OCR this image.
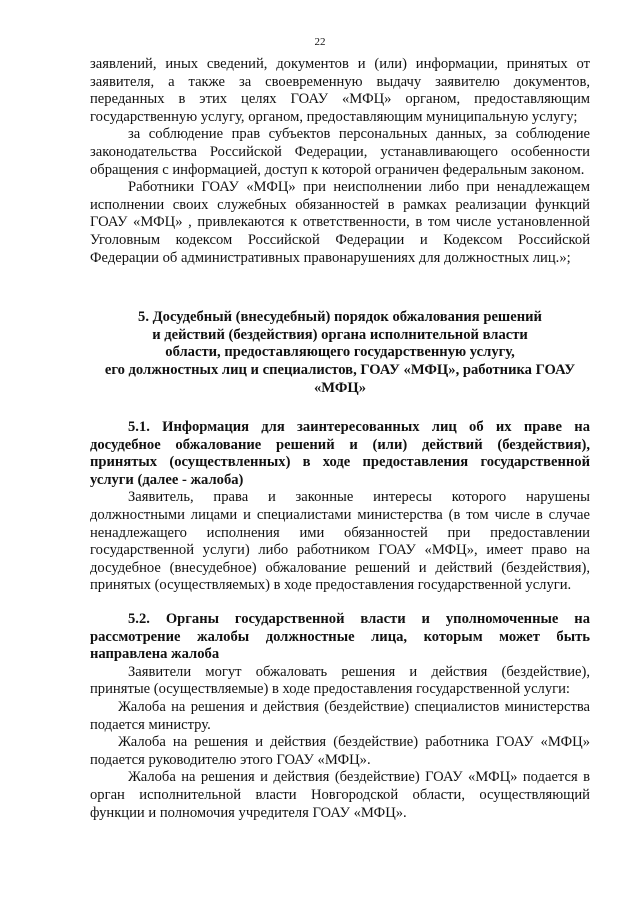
22

заявлений, иных сведений, документов и (или) информации, принятых от заявителя, а также за своевременную выдачу заявителю документов, переданных в этих целях ГОАУ «МФЦ» органом, предоставляющим государственную услугу, органом, предоставляющим муниципальную услугу;

за соблюдение прав субъектов персональных данных, за соблюдение законодательства Российской Федерации, устанавливающего особенности обращения с информацией, доступ к которой ограничен федеральным законом.

Работники ГОАУ «МФЦ» при неисполнении либо при ненадлежащем исполнении своих служебных обязанностей в рамках реализации функций ГОАУ «МФЦ» , привлекаются к ответственности, в том числе установленной Уголовным кодексом Российской Федерации и Кодексом Российской Федерации об административных правонарушениях для должностных лиц.»;

5. Досудебный (внесудебный) порядок обжалования решений
и действий (бездействия) органа исполнительной власти
области, предоставляющего государственную услугу,
его должностных лиц и специалистов, ГОАУ «МФЦ», работника ГОАУ
«МФЦ»

5.1. Информация для заинтересованных лиц об их праве на досудебное обжалование решений и (или) действий (бездействия), принятых (осуществленных) в ходе предоставления государственной услуги (далее - жалоба)

Заявитель, права и законные интересы которого нарушены должностными лицами и специалистами министерства (в том числе в случае ненадлежащего исполнения ими обязанностей при предоставлении государственной услуги) либо работником ГОАУ «МФЦ», имеет право на досудебное (внесудебное) обжалование решений и действий (бездействия), принятых (осуществляемых) в ходе предоставления государственной услуги.

5.2. Органы государственной власти и уполномоченные на рассмотрение жалобы должностные лица, которым может быть направлена жалоба

Заявители могут обжаловать решения и действия (бездействие), принятые (осуществляемые) в ходе предоставления государственной услуги:

Жалоба на решения и действия (бездействие) специалистов министерства подается министру.

Жалоба на решения и действия (бездействие) работника ГОАУ «МФЦ» подается руководителю этого ГОАУ «МФЦ».

Жалоба на решения и действия (бездействие) ГОАУ «МФЦ» подается в орган исполнительной власти Новгородской области, осуществляющий функции и полномочия учредителя ГОАУ «МФЦ».
